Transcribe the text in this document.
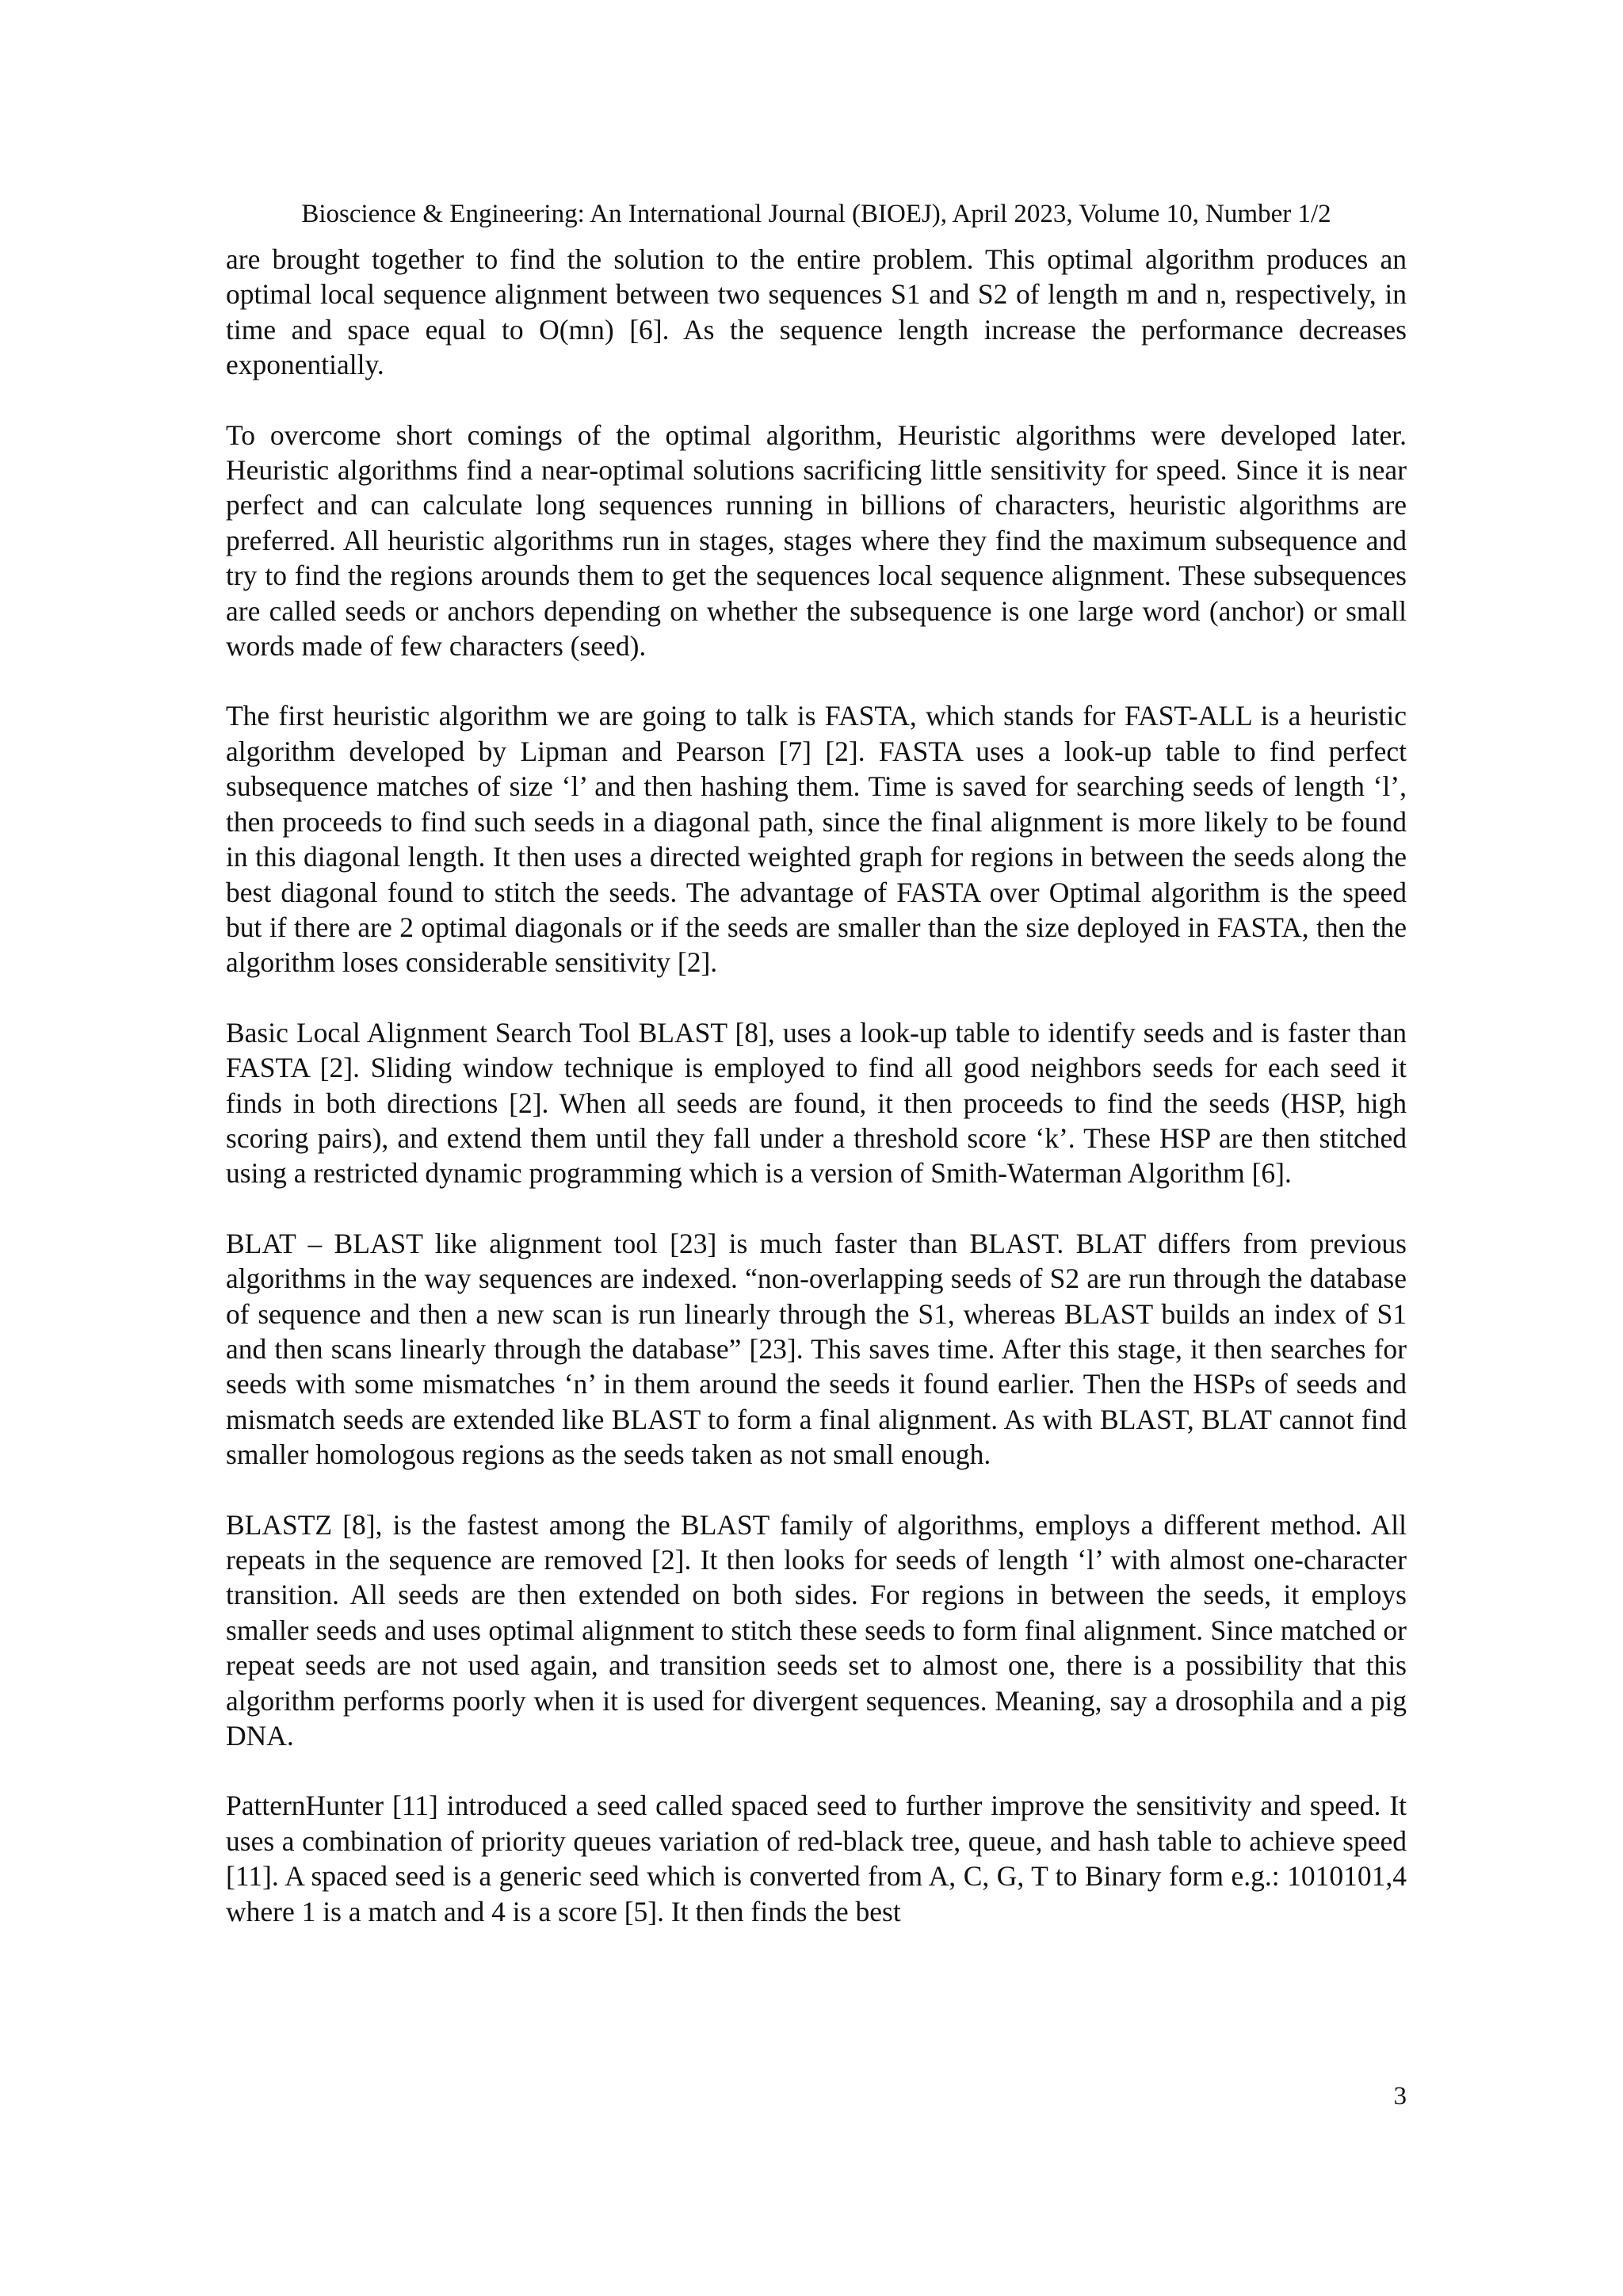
Bioscience & Engineering: An International Journal (BIOEJ), April 2023, Volume 10, Number 1/2

are brought together to find the solution to the entire problem. This optimal algorithm produces an optimal local sequence alignment between two sequences S1 and S2 of length m and n, respectively, in time and space equal to O(mn) [6]. As the sequence length increase the performance decreases exponentially.

To overcome short comings of the optimal algorithm, Heuristic algorithms were developed later. Heuristic algorithms find a near-optimal solutions sacrificing little sensitivity for speed. Since it is near perfect and can calculate long sequences running in billions of characters, heuristic algorithms are preferred. All heuristic algorithms run in stages, stages where they find the maximum subsequence and try to find the regions arounds them to get the sequences local sequence alignment. These subsequences are called seeds or anchors depending on whether the subsequence is one large word (anchor) or small words made of few characters (seed).

The first heuristic algorithm we are going to talk is FASTA, which stands for FAST-ALL is a heuristic algorithm developed by Lipman and Pearson [7] [2]. FASTA uses a look-up table to find perfect subsequence matches of size ‘l’ and then hashing them. Time is saved for searching seeds of length ‘l’, then proceeds to find such seeds in a diagonal path, since the final alignment is more likely to be found in this diagonal length. It then uses a directed weighted graph for regions in between the seeds along the best diagonal found to stitch the seeds. The advantage of FASTA over Optimal algorithm is the speed but if there are 2 optimal diagonals or if the seeds are smaller than the size deployed in FASTA, then the algorithm loses considerable sensitivity [2].

Basic Local Alignment Search Tool BLAST [8], uses a look-up table to identify seeds and is faster than FASTA [2]. Sliding window technique is employed to find all good neighbors seeds for each seed it finds in both directions [2]. When all seeds are found, it then proceeds to find the seeds (HSP, high scoring pairs), and extend them until they fall under a threshold score ‘k’. These HSP are then stitched using a restricted dynamic programming which is a version of Smith-Waterman Algorithm [6].

BLAT – BLAST like alignment tool [23] is much faster than BLAST. BLAT differs from previous algorithms in the way sequences are indexed. “non-overlapping seeds of S2 are run through the database of sequence and then a new scan is run linearly through the S1, whereas BLAST builds an index of S1 and then scans linearly through the database” [23]. This saves time. After this stage, it then searches for seeds with some mismatches ‘n’ in them around the seeds it found earlier. Then the HSPs of seeds and mismatch seeds are extended like BLAST to form a final alignment. As with BLAST, BLAT cannot find smaller homologous regions as the seeds taken as not small enough.

BLASTZ [8], is the fastest among the BLAST family of algorithms, employs a different method. All repeats in the sequence are removed [2]. It then looks for seeds of length ‘l’ with almost one-character transition. All seeds are then extended on both sides. For regions in between the seeds, it employs smaller seeds and uses optimal alignment to stitch these seeds to form final alignment. Since matched or repeat seeds are not used again, and transition seeds set to almost one, there is a possibility that this algorithm performs poorly when it is used for divergent sequences. Meaning, say a drosophila and a pig DNA.

PatternHunter [11] introduced a seed called spaced seed to further improve the sensitivity and speed. It uses a combination of priority queues variation of red-black tree, queue, and hash table to achieve speed [11]. A spaced seed is a generic seed which is converted from A, C, G, T to Binary form e.g.: 1010101,4 where 1 is a match and 4 is a score [5]. It then finds the best

3
